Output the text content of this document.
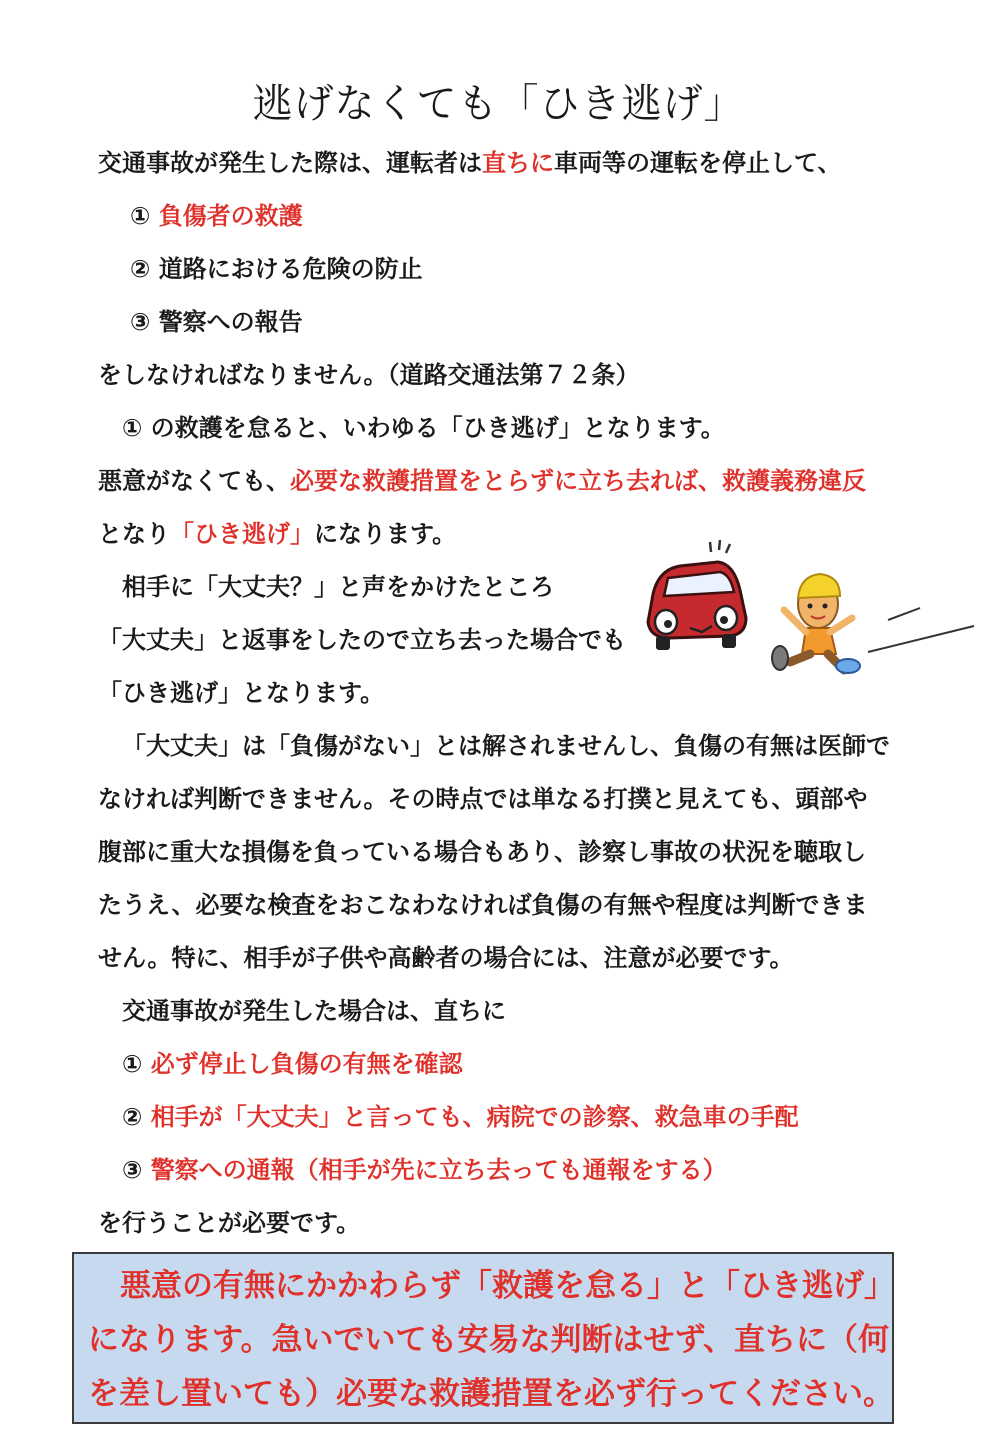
逃げなくても「ひき逃げ」
交通事故が発生した際は、運転者は直ちに車両等の運転を停止して、
① 負傷者の救護
② 道路における危険の防止
③ 警察への報告
をしなければなりません。（道路交通法第７２条）
① の救護を怠ると、いわゆる「ひき逃げ」となります。
悪意がなくても、必要な救護措置をとらずに立ち去れば、救護義務違反
となり「ひき逃げ」になります。
相手に「大丈夫？」と声をかけたところ
「大丈夫」と返事をしたので立ち去った場合でも
「ひき逃げ」となります。
「大丈夫」は「負傷がない」とは解されませんし、負傷の有無は医師で
なければ判断できません。その時点では単なる打撲と見えても、頭部や
腹部に重大な損傷を負っている場合もあり、診察し事故の状況を聴取し
たうえ、必要な検査をおこなわなければ負傷の有無や程度は判断できま
せん。特に、相手が子供や高齢者の場合には、注意が必要です。
交通事故が発生した場合は、直ちに
① 必ず停止し負傷の有無を確認
② 相手が「大丈夫」と言っても、病院での診察、救急車の手配
③ 警察への通報（相手が先に立ち去っても通報をする）
を行うことが必要です。
悪意の有無にかかわらず「救護を怠る」と「ひき逃げ」
になります。急いでいても安易な判断はせず、直ちに（何
を差し置いても）必要な救護措置を必ず行ってください。
